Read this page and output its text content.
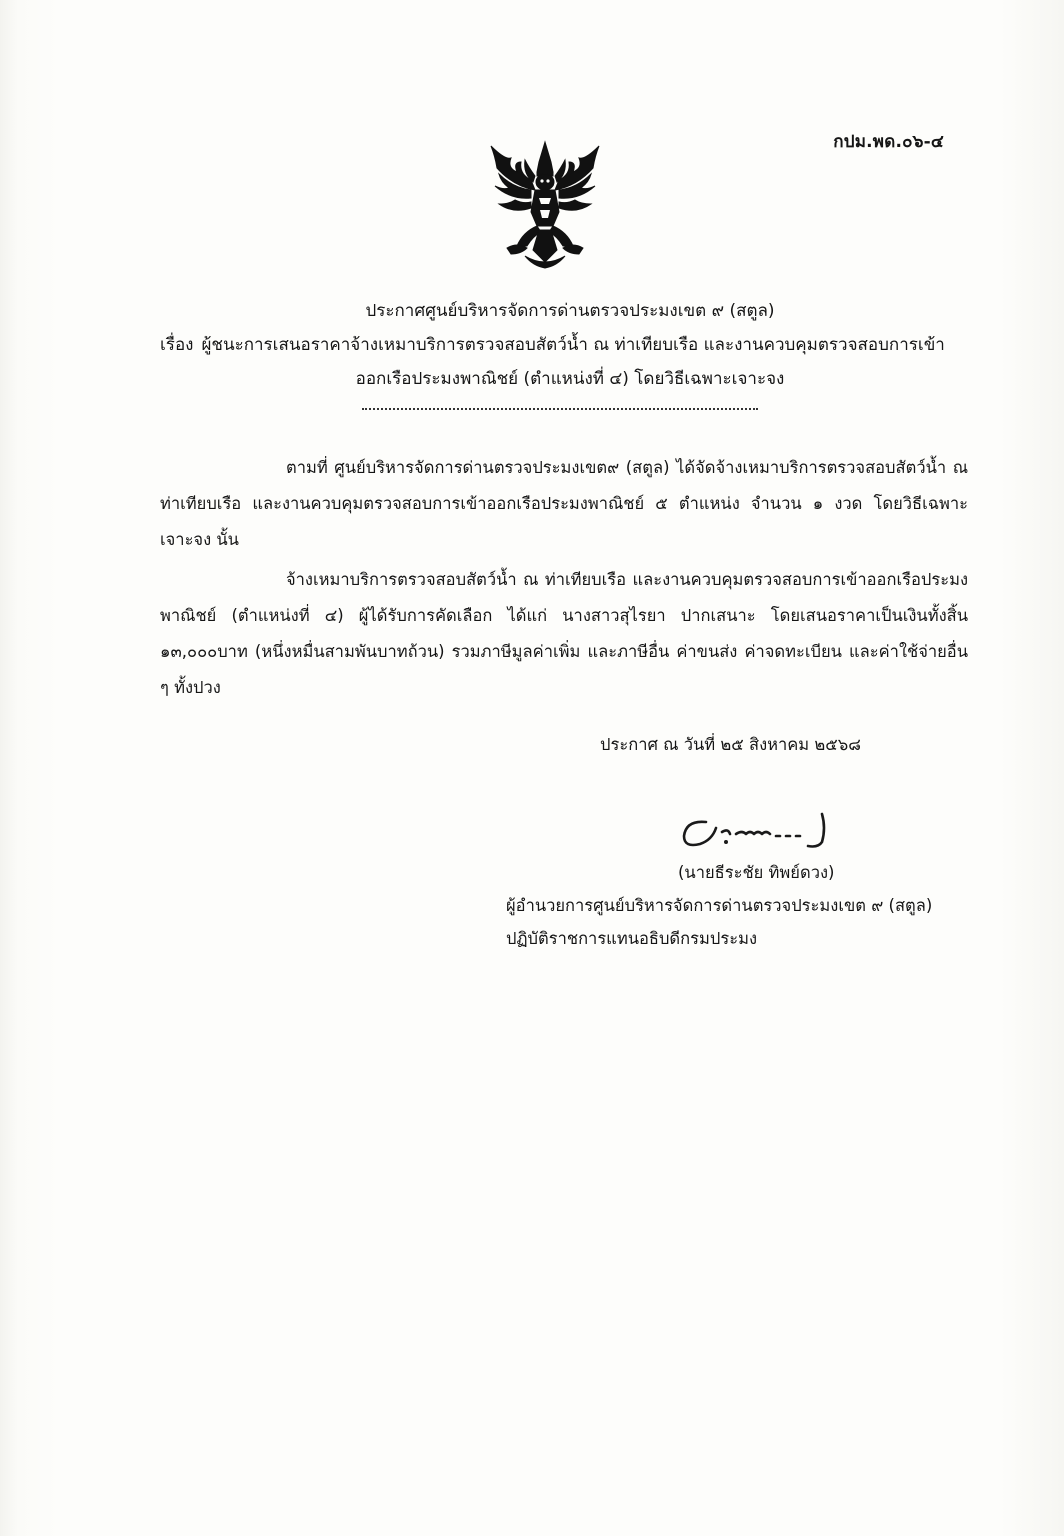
กปม.พด.๐๖-๔
ประกาศศูนย์บริหารจัดการด่านตรวจประมงเขต ๙ (สตูล)
เรื่อง ผู้ชนะการเสนอราคาจ้างเหมาบริการตรวจสอบสัตว์น้ำ ณ ท่าเทียบเรือ และงานควบคุมตรวจสอบการเข้า
ออกเรือประมงพาณิชย์ (ตำแหน่งที่ ๔) โดยวิธีเฉพาะเจาะจง

ตามที่ ศูนย์บริหารจัดการด่านตรวจประมงเขต๙ (สตูล) ได้จัดจ้างเหมาบริการตรวจสอบสัตว์น้ำ ณ ท่าเทียบเรือ และงานควบคุมตรวจสอบการเข้าออกเรือประมงพาณิชย์ ๕ ตำแหน่ง จำนวน ๑ งวด โดยวิธีเฉพาะเจาะจง นั้น

จ้างเหมาบริการตรวจสอบสัตว์น้ำ ณ ท่าเทียบเรือ และงานควบคุมตรวจสอบการเข้าออกเรือประมงพาณิชย์ (ตำแหน่งที่ ๔) ผู้ได้รับการคัดเลือก ได้แก่ นางสาวสุไรยา ปากเสนาะ โดยเสนอราคาเป็นเงินทั้งสิ้น ๑๓,๐๐๐บาท (หนึ่งหมื่นสามพันบาทถ้วน) รวมภาษีมูลค่าเพิ่ม และภาษีอื่น ค่าขนส่ง ค่าจดทะเบียน และค่าใช้จ่ายอื่น ๆ ทั้งปวง

ประกาศ ณ วันที่ ๒๕ สิงหาคม ๒๕๖๘
(นายธีระชัย ทิพย์ดวง)
ผู้อำนวยการศูนย์บริหารจัดการด่านตรวจประมงเขต ๙ (สตูล)
ปฏิบัติราชการแทนอธิบดีกรมประมง
